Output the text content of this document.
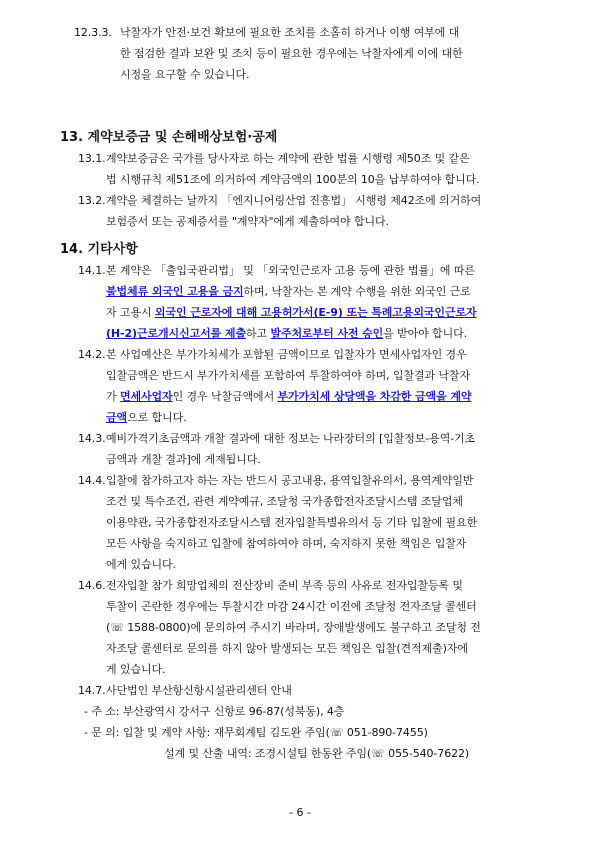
12.3.3. 낙찰자가 안전·보건 확보에 필요한 조치를 소홀히 하거나 이행 여부에 대
한 점검한 결과 보완 및 조치 등이 필요한 경우에는 낙찰자에게 이에 대한
시정을 요구할 수 있습니다.
13. 계약보증금 및 손해배상보험·공제
13.1. 계약보증금은 국가를 당사자로 하는 계약에 관한 법률 시행령 제50조 및 같은
법 시행규칙 제51조에 의거하여 계약금액의 100분의 10을 납부하여야 합니다.
13.2. 계약을 체결하는 날까지 「엔지니어링산업 진흥법」 시행령 제42조에 의거하여
보험증서 또는 공제증서를 "계약자"에게 제출하여야 합니다.
14. 기타사항
14.1. 본 계약은 「출입국관리법」 및 「외국인근로자 고용 등에 관한 법률」에 따른
불법체류 외국인 고용을 금지하며, 낙찰자는 본 계약 수행을 위한 외국인 근로
자 고용시 외국인 근로자에 대해 고용허가서(E-9) 또는 특례고용외국인근로자
(H-2)근로개시신고서를 제출하고 발주처로부터 사전 승인을 받아야 합니다.
14.2. 본 사업예산은 부가가치세가 포함된 금액이므로 입찰자가 면세사업자인 경우
입찰금액은 반드시 부가가치세를 포함하여 투찰하여야 하며, 입찰결과 낙찰자
가 면세사업자인 경우 낙찰금액에서 부가가치세 상당액을 차감한 금액을 계약
금액으로 합니다.
14.3. 예비가격기초금액과 개찰 결과에 대한 정보는 나라장터의 [입찰정보-용역-기초
금액과 개찰 결과]에 게재됩니다.
14.4. 입찰에 참가하고자 하는 자는 반드시 공고내용, 용역입찰유의서, 용역계약일반
조건 및 특수조건, 관련 계약예규, 조달청 국가종합전자조달시스템 조달업체
이용약관, 국가종합전자조달시스템 전자입찰특별유의서 등 기타 입찰에 필요한
모든 사항을 숙지하고 입찰에 참여하여야 하며, 숙지하지 못한 책임은 입찰자
에게 있습니다.
14.6. 전자입찰 참가 희망업체의 전산장비 준비 부족 등의 사유로 전자입찰등록 및
투찰이 곤란한 경우에는 투찰시간 마감 24시간 이전에 조달청 전자조달 콜센터
(☏ 1588-0800)에 문의하여 주시기 바라며, 장애발생에도 불구하고 조달청 전
자조달 콜센터로 문의를 하지 않아 발생되는 모든 책임은 입찰(견적제출)자에
게 있습니다.
14.7. 사단법인 부산항신항시설관리센터 안내
- 주 소: 부산광역시 강서구 신항로 96-87(성북동), 4층
- 문 의: 입찰 및 계약 사항: 재무회계팀 김도완 주임(☏ 051-890-7455)
설계 및 산출 내역: 조경시설팀 한동완 주임(☏ 055-540-7622)
- 6 -
